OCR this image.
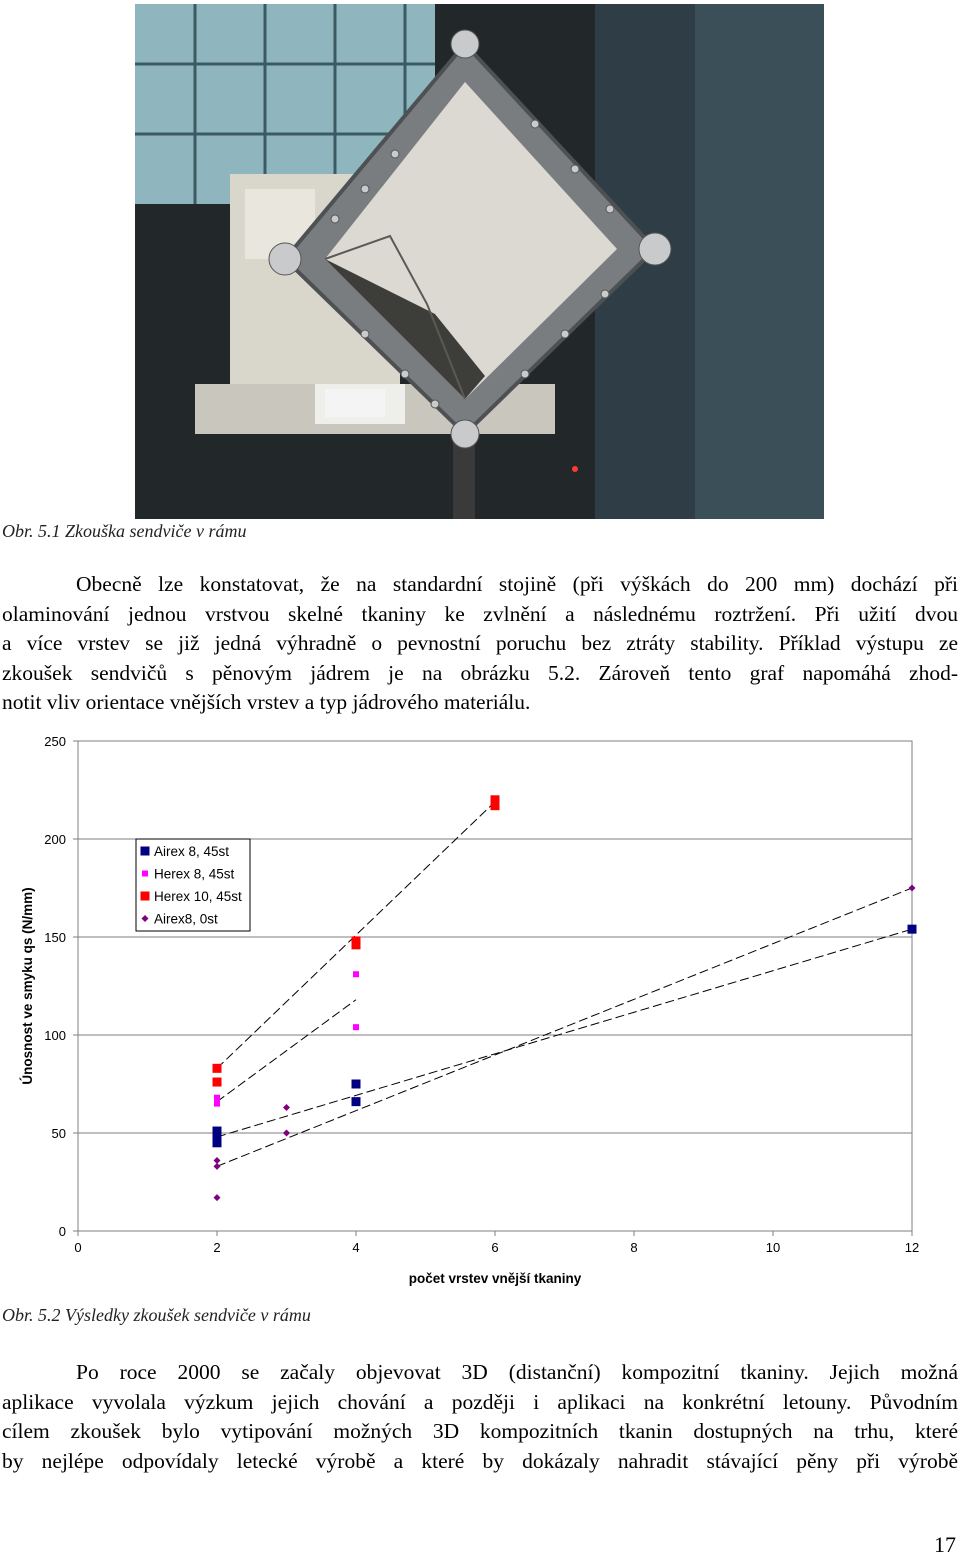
Obr. 5.1 Zkouška sendviče v rámu
Obecně lze konstatovat, že na standardní stojině (při výškách do 200 mm) dochází při
olaminování jednou vrstvou skelné tkaniny ke zvlnění a následnému roztržení. Při užití dvou
a více vrstev se již jedná výhradně o pevnostní poruchu bez ztráty stability. Příklad výstupu ze
zkoušek sendvičů s pěnovým jádrem je na obrázku 5.2. Zároveň tento graf napomáhá zhod-
notit vliv orientace vnějších vrstev a typ jádrového materiálu.
0
50
100
150
200
250
0	2	4	6	8	10	12
Únosnost ve smyku qs (N/mm)
počet vrstev vnější tkaniny
Airex 8, 45st
Herex 8, 45st
Herex 10, 45st
Airex8, 0st
Obr. 5.2 Výsledky zkoušek sendviče v rámu
Po roce 2000 se začaly objevovat 3D (distanční) kompozitní tkaniny. Jejich možná
aplikace vyvolala výzkum jejich chování a později i aplikaci na konkrétní letouny. Původním
cílem zkoušek bylo vytipování možných 3D kompozitních tkanin dostupných na trhu, které
by nejlépe odpovídaly letecké výrobě a které by dokázaly nahradit stávající pěny při výrobě
17
